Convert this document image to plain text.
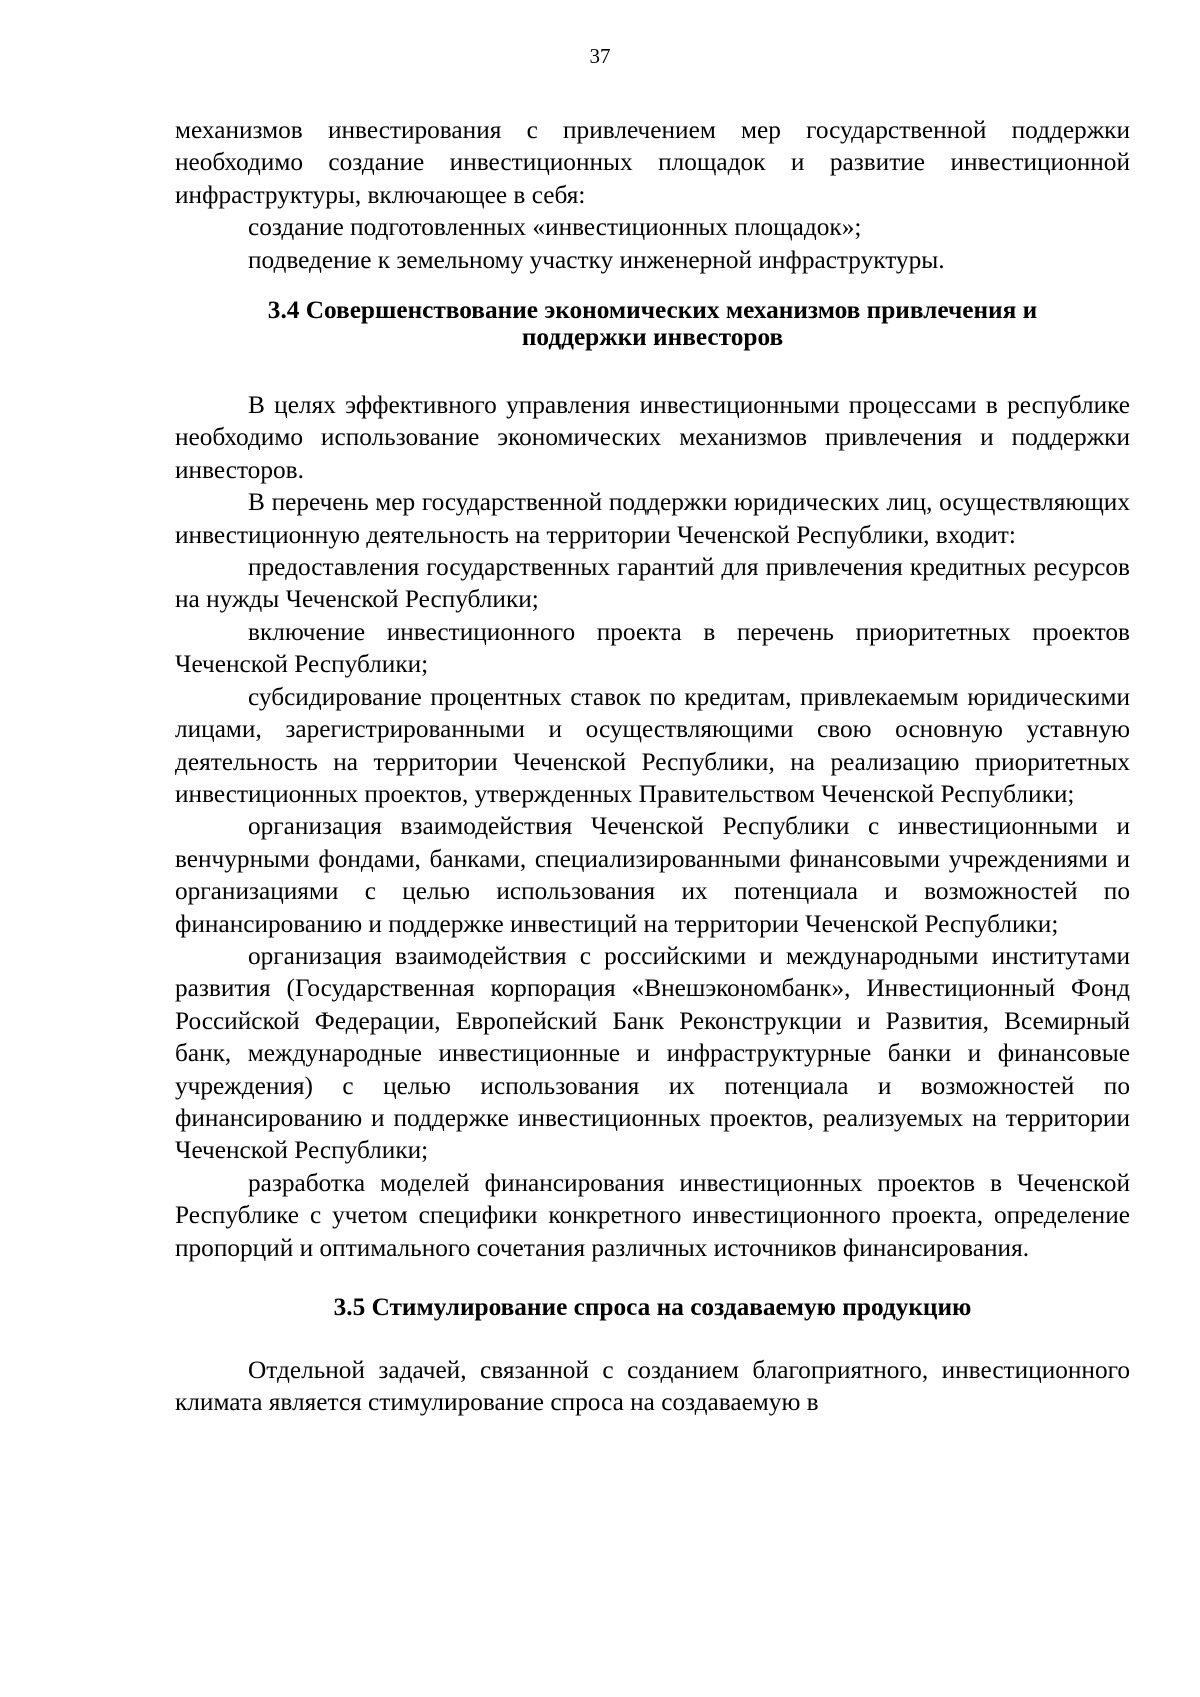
37

механизмов инвестирования с привлечением мер государственной поддержки необходимо создание инвестиционных площадок и развитие инвестиционной инфраструктуры, включающее в себя:

создание подготовленных «инвестиционных площадок»;

подведение к земельному участку инженерной инфраструктуры.

3.4 Совершенствование экономических механизмов привлечения и
поддержки инвесторов

В целях эффективного управления инвестиционными процессами в республике необходимо использование экономических механизмов привлечения и поддержки инвесторов.

В перечень мер государственной поддержки юридических лиц, осуществляющих инвестиционную деятельность на территории Чеченской Республики, входит:

предоставления государственных гарантий для привлечения кредитных ресурсов на нужды Чеченской Республики;

включение инвестиционного проекта в перечень приоритетных проектов Чеченской Республики;

субсидирование процентных ставок по кредитам, привлекаемым юридическими лицами, зарегистрированными и осуществляющими свою основную уставную деятельность на территории Чеченской Республики, на реализацию приоритетных инвестиционных проектов, утвержденных Правительством Чеченской Республики;

организация взаимодействия Чеченской Республики с инвестиционными и венчурными фондами, банками, специализированными финансовыми учреждениями и организациями с целью использования их потенциала и возможностей по финансированию и поддержке инвестиций на территории Чеченской Республики;

организация взаимодействия с российскими и международными институтами развития (Государственная корпорация «Внешэкономбанк», Инвестиционный Фонд Российской Федерации, Европейский Банк Реконструкции и Развития, Всемирный банк, международные инвестиционные и инфраструктурные банки и финансовые учреждения) с целью использования их потенциала и возможностей по финансированию и поддержке инвестиционных проектов, реализуемых на территории Чеченской Республики;

разработка моделей финансирования инвестиционных проектов в Чеченской Республике с учетом специфики конкретного инвестиционного проекта, определение пропорций и оптимального сочетания различных источников финансирования.

3.5 Стимулирование спроса на создаваемую продукцию

Отдельной задачей, связанной с созданием благоприятного, инвестиционного климата является стимулирование спроса на создаваемую в
